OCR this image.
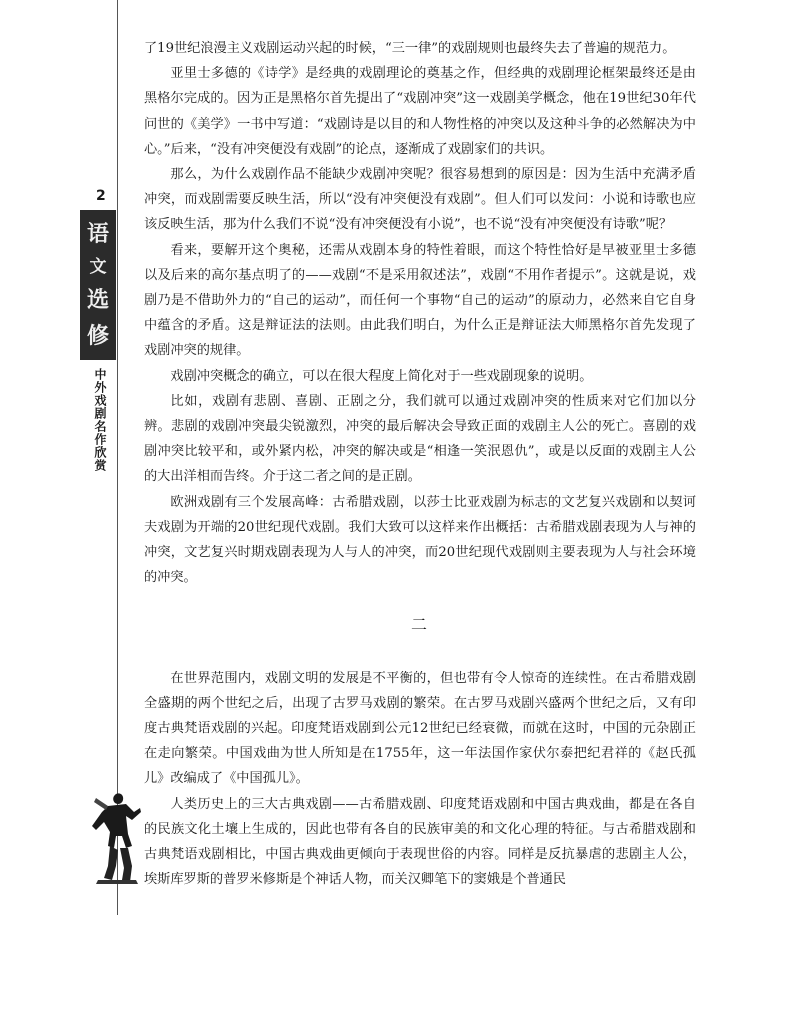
2
语
文
选
修
中外戏剧名作欣赏

了19世纪浪漫主义戏剧运动兴起的时候，“三一律”的戏剧规则也最终失去了普遍的规范力。

亚里士多德的《诗学》是经典的戏剧理论的奠基之作，但经典的戏剧理论框架最终还是由黑格尔完成的。因为正是黑格尔首先提出了“戏剧冲突”这一戏剧美学概念，他在19世纪30年代问世的《美学》一书中写道：“戏剧诗是以目的和人物性格的冲突以及这种斗争的必然解决为中心。”后来，“没有冲突便没有戏剧”的论点，逐渐成了戏剧家们的共识。

那么，为什么戏剧作品不能缺少戏剧冲突呢？很容易想到的原因是：因为生活中充满矛盾冲突，而戏剧需要反映生活，所以“没有冲突便没有戏剧”。但人们可以发问：小说和诗歌也应该反映生活，那为什么我们不说“没有冲突便没有小说”，也不说“没有冲突便没有诗歌”呢？

看来，要解开这个奥秘，还需从戏剧本身的特性着眼，而这个特性恰好是早被亚里士多德以及后来的高尔基点明了的——戏剧“不是采用叙述法”，戏剧“不用作者提示”。这就是说，戏剧乃是不借助外力的“自己的运动”，而任何一个事物“自己的运动”的原动力，必然来自它自身中蕴含的矛盾。这是辩证法的法则。由此我们明白，为什么正是辩证法大师黑格尔首先发现了戏剧冲突的规律。

戏剧冲突概念的确立，可以在很大程度上简化对于一些戏剧现象的说明。

比如，戏剧有悲剧、喜剧、正剧之分，我们就可以通过戏剧冲突的性质来对它们加以分辨。悲剧的戏剧冲突最尖锐激烈，冲突的最后解决会导致正面的戏剧主人公的死亡。喜剧的戏剧冲突比较平和，或外紧内松，冲突的解决或是“相逢一笑泯恩仇”，或是以反面的戏剧主人公的大出洋相而告终。介于这二者之间的是正剧。

欧洲戏剧有三个发展高峰：古希腊戏剧，以莎士比亚戏剧为标志的文艺复兴戏剧和以契诃夫戏剧为开端的20世纪现代戏剧。我们大致可以这样来作出概括：古希腊戏剧表现为人与神的冲突，文艺复兴时期戏剧表现为人与人的冲突，而20世纪现代戏剧则主要表现为人与社会环境的冲突。

二

在世界范围内，戏剧文明的发展是不平衡的，但也带有令人惊奇的连续性。在古希腊戏剧全盛期的两个世纪之后，出现了古罗马戏剧的繁荣。在古罗马戏剧兴盛两个世纪之后，又有印度古典梵语戏剧的兴起。印度梵语戏剧到公元12世纪已经衰微，而就在这时，中国的元杂剧正在走向繁荣。中国戏曲为世人所知是在1755年，这一年法国作家伏尔泰把纪君祥的《赵氏孤儿》改编成了《中国孤儿》。

人类历史上的三大古典戏剧——古希腊戏剧、印度梵语戏剧和中国古典戏曲，都是在各自的民族文化土壤上生成的，因此也带有各自的民族审美的和文化心理的特征。与古希腊戏剧和古典梵语戏剧相比，中国古典戏曲更倾向于表现世俗的内容。同样是反抗暴虐的悲剧主人公，埃斯库罗斯的普罗米修斯是个神话人物，而关汉卿笔下的窦娥是个普通民
